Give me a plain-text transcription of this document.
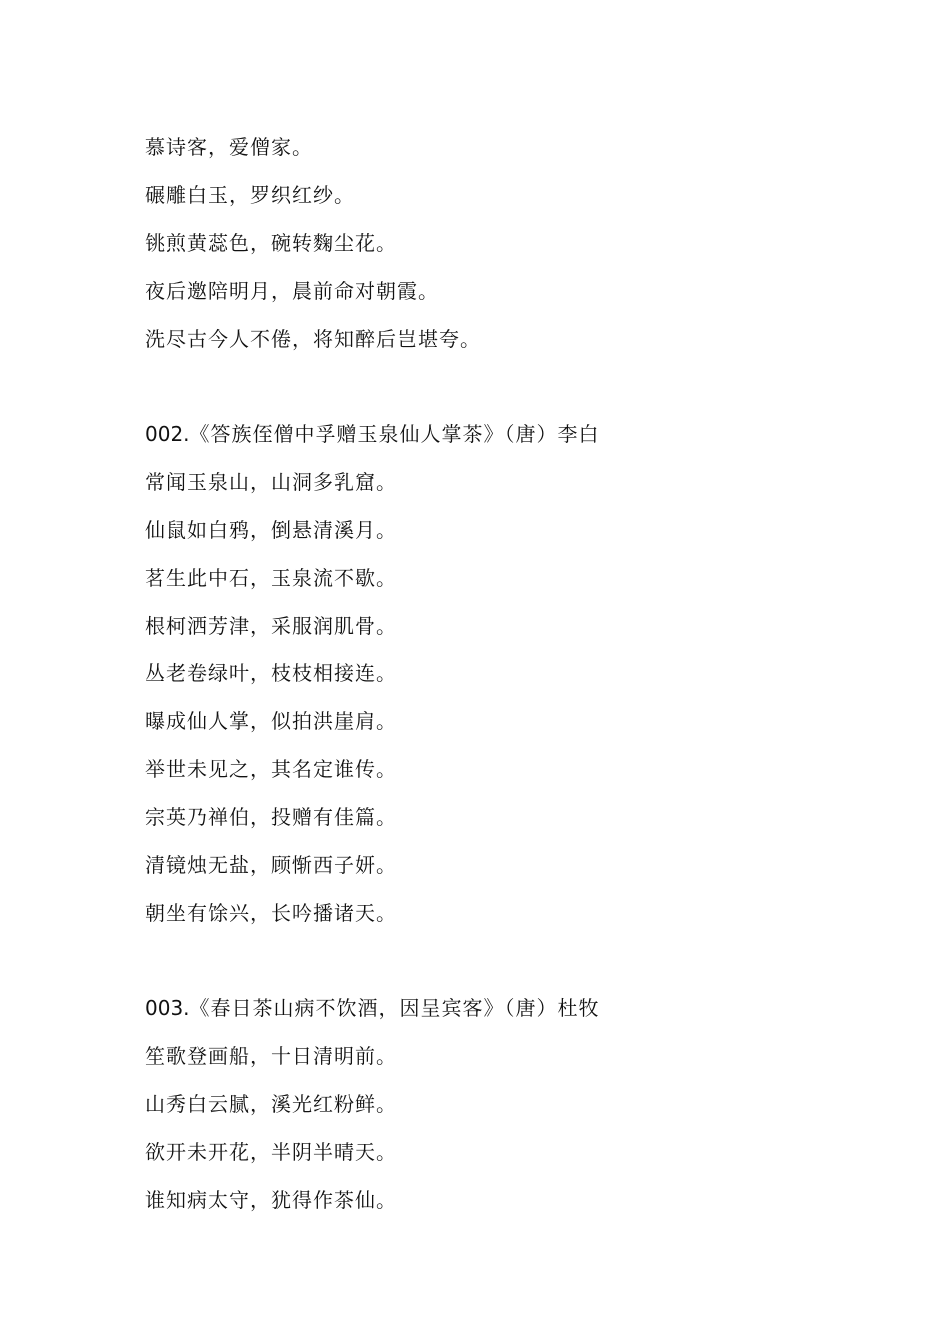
慕诗客，爱僧家。
碾雕白玉，罗织红纱。
铫煎黄蕊色，碗转麴尘花。
夜后邀陪明月，晨前命对朝霞。
洗尽古今人不倦，将知醉后岂堪夸。
002.《答族侄僧中孚赠玉泉仙人掌茶》（唐）李白
常闻玉泉山，山洞多乳窟。
仙鼠如白鸦，倒悬清溪月。
茗生此中石，玉泉流不歇。
根柯洒芳津，采服润肌骨。
丛老卷绿叶，枝枝相接连。
曝成仙人掌，似拍洪崖肩。
举世未见之，其名定谁传。
宗英乃禅伯，投赠有佳篇。
清镜烛无盐，顾惭西子妍。
朝坐有馀兴，长吟播诸天。
003.《春日茶山病不饮酒，因呈宾客》（唐）杜牧
笙歌登画船，十日清明前。
山秀白云腻，溪光红粉鲜。
欲开未开花，半阴半晴天。
谁知病太守，犹得作茶仙。
